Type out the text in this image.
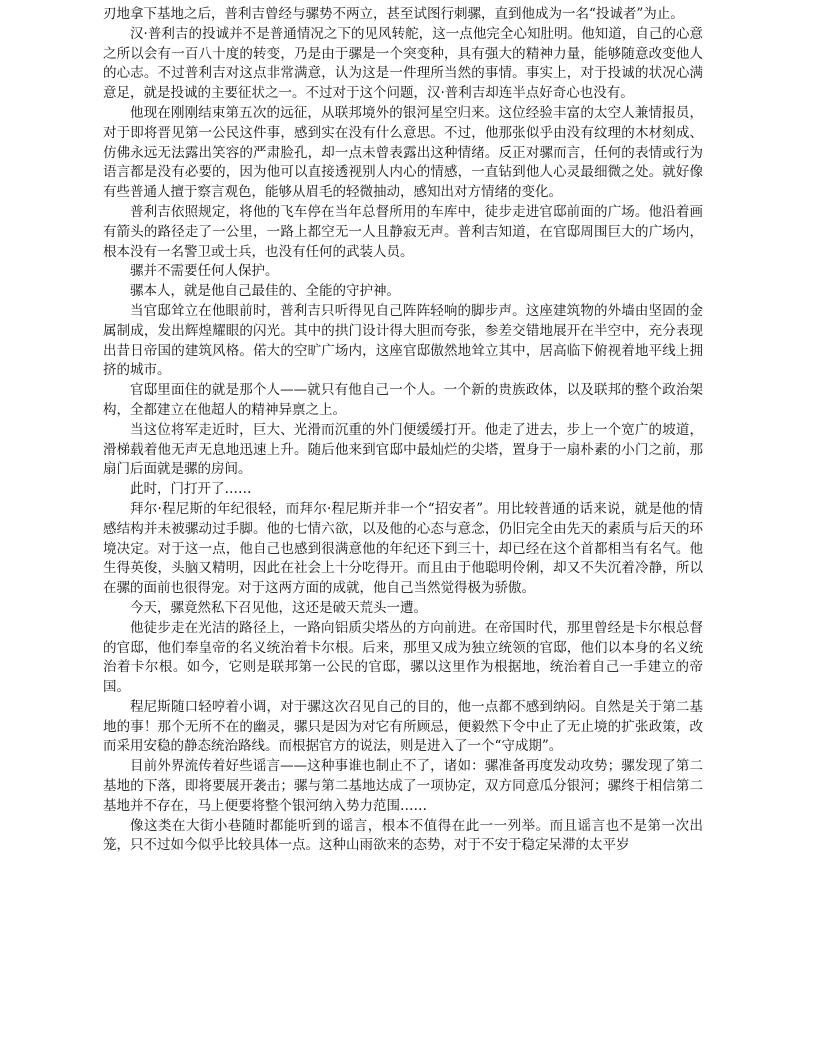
刃地拿下基地之后，普利吉曾经与骡势不两立，甚至试图行刺骡，直到他成为一名“投诚者”为止。

汉·普利吉的投诚并不是普通情况之下的见风转舵，这一点他完全心知肚明。他知道，自己的心意之所以会有一百八十度的转变，乃是由于骡是一个突变种，具有强大的精神力量，能够随意改变他人的心志。不过普利吉对这点非常满意，认为这是一件理所当然的事情。事实上，对于投诚的状况心满意足，就是投诚的主要征状之一。不过对于这个问题，汉·普利吉却连半点好奇心也没有。

他现在刚刚结束第五次的远征，从联邦境外的银河星空归来。这位经验丰富的太空人兼情报员，对于即将晋见第一公民这件事，感到实在没有什么意思。不过，他那张似乎由没有纹理的木材刻成、仿佛永远无法露出笑容的严肃脸孔，却一点未曾表露出这种情绪。反正对骡而言，任何的表情或行为语言都是没有必要的，因为他可以直接透视别人内心的情感，一直钻到他人心灵最细微之处。就好像有些普通人擅于察言观色，能够从眉毛的轻微抽动，感知出对方情绪的变化。

普利吉依照规定，将他的飞车停在当年总督所用的车库中，徒步走进官邸前面的广场。他沿着画有箭头的路径走了一公里，一路上都空无一人且静寂无声。普利吉知道，在官邸周围巨大的广场内，根本没有一名警卫或士兵，也没有任何的武装人员。

骡并不需要任何人保护。

骡本人，就是他自己最佳的、全能的守护神。

当官邸耸立在他眼前时，普利吉只听得见自己阵阵轻响的脚步声。这座建筑物的外墙由坚固的金属制成，发出辉煌耀眼的闪光。其中的拱门设计得大胆而夸张，参差交错地展开在半空中，充分表现出昔日帝国的建筑风格。偌大的空旷广场内，这座官邸傲然地耸立其中，居高临下俯视着地平线上拥挤的城市。

官邸里面住的就是那个人——就只有他自己一个人。一个新的贵族政体，以及联邦的整个政治架构，全都建立在他超人的精神异禀之上。

当这位将军走近时，巨大、光滑而沉重的外门便缓缓打开。他走了进去，步上一个宽广的坡道，滑梯载着他无声无息地迅速上升。随后他来到官邸中最灿烂的尖塔，置身于一扇朴素的小门之前，那扇门后面就是骡的房间。

此时，门打开了……

拜尔·程尼斯的年纪很轻，而拜尔·程尼斯并非一个“招安者”。用比较普通的话来说，就是他的情感结构并未被骡动过手脚。他的七情六欲，以及他的心态与意念，仍旧完全由先天的素质与后天的环境决定。对于这一点，他自己也感到很满意他的年纪还下到三十，却已经在这个首都相当有名气。他生得英俊，头脑又精明，因此在社会上十分吃得开。而且由于他聪明伶俐，却又不失沉着冷静，所以在骡的面前也很得宠。对于这两方面的成就，他自己当然觉得极为骄傲。

今天，骡竟然私下召见他，这还是破天荒头一遭。

他徒步走在光洁的路径上，一路向铝质尖塔丛的方向前进。在帝国时代，那里曾经是卡尔根总督的官邸，他们奉皇帝的名义统治着卡尔根。后来，那里又成为独立统领的官邸，他们以本身的名义统治着卡尔根。如今，它则是联邦第一公民的官邸，骡以这里作为根据地，统治着自己一手建立的帝国。

程尼斯随口轻哼着小调，对于骡这次召见自己的目的，他一点都不感到纳闷。自然是关于第二基地的事！那个无所不在的幽灵，骡只是因为对它有所顾忌，便毅然下令中止了无止境的扩张政策，改而采用安稳的静态统治路线。而根据官方的说法，则是进入了一个“守成期”。

目前外界流传着好些谣言——这种事谁也制止不了，诸如：骡准备再度发动攻势；骡发现了第二基地的下落，即将要展开袭击；骡与第二基地达成了一项协定，双方同意瓜分银河；骡终于相信第二基地并不存在，马上便要将整个银河纳入势力范围……

像这类在大街小巷随时都能听到的谣言，根本不值得在此一一列举。而且谣言也不是第一次出笼，只不过如今似乎比较具体一点。这种山雨欲来的态势，对于不安于稳定呆滞的太平岁
